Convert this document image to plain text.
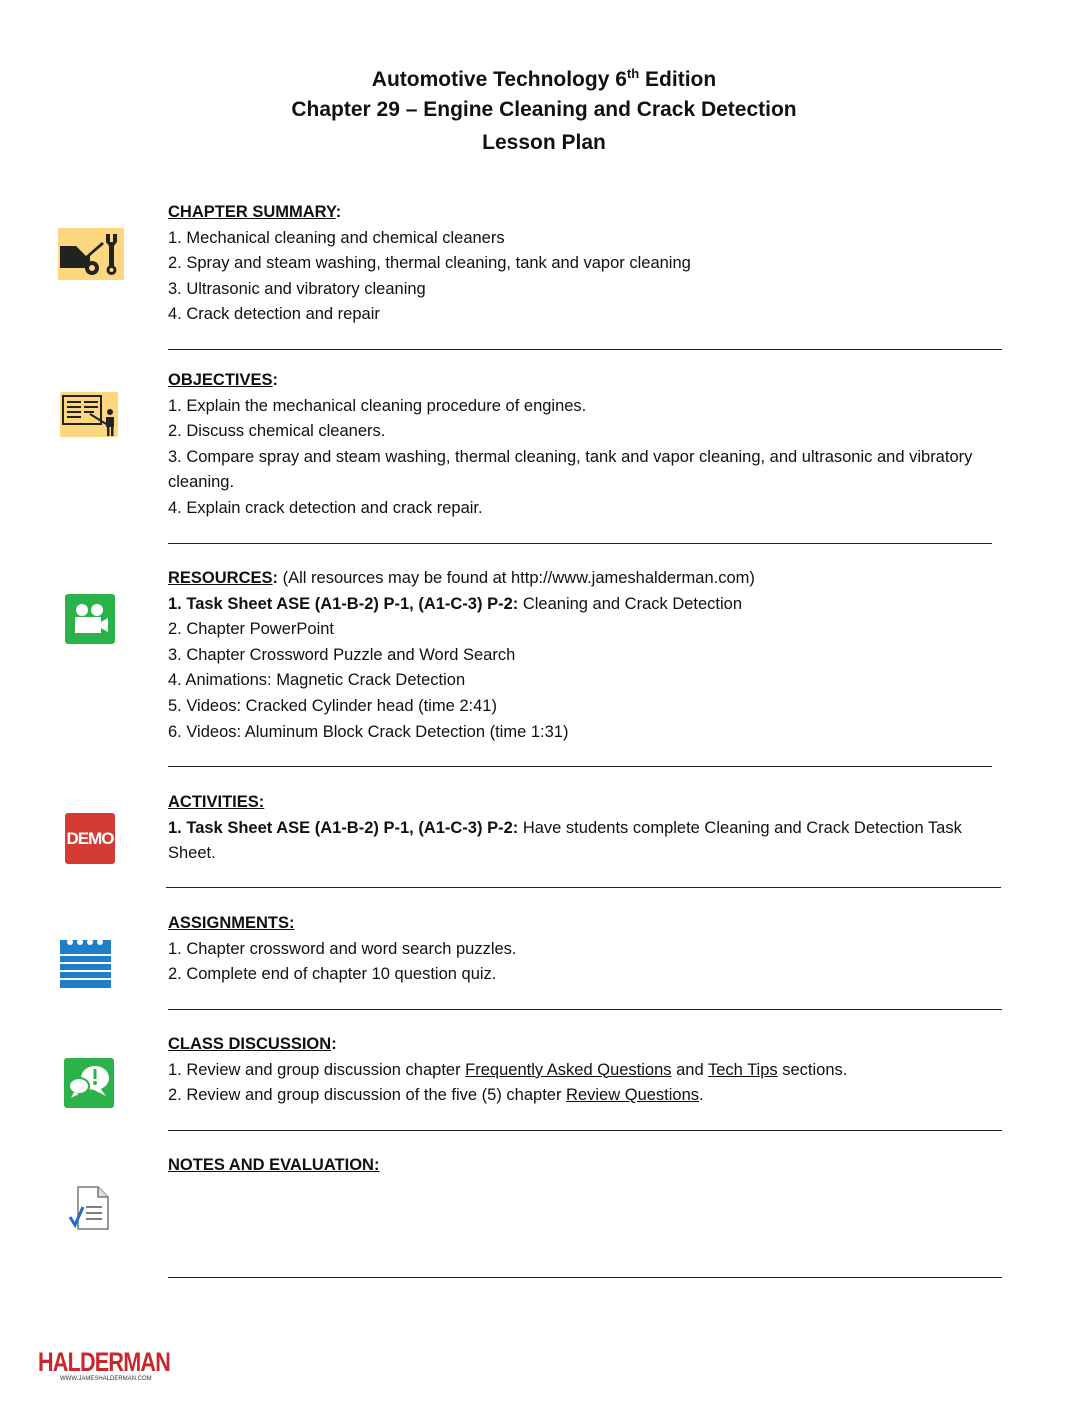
Automotive Technology 6th Edition
Chapter 29 – Engine Cleaning and Crack Detection
Lesson Plan
CHAPTER SUMMARY:
1. Mechanical cleaning and chemical cleaners
2. Spray and steam washing, thermal cleaning, tank and vapor cleaning
3. Ultrasonic and vibratory cleaning
4. Crack detection and repair
OBJECTIVES:
1. Explain the mechanical cleaning procedure of engines.
2. Discuss chemical cleaners.
3. Compare spray and steam washing, thermal cleaning, tank and vapor cleaning, and ultrasonic and vibratory cleaning.
4. Explain crack detection and crack repair.
RESOURCES: (All resources may be found at http://www.jameshalderman.com)
1. Task Sheet ASE (A1-B-2) P-1, (A1-C-3) P-2: Cleaning and Crack Detection
2. Chapter PowerPoint
3. Chapter Crossword Puzzle and Word Search
4. Animations: Magnetic Crack Detection
5. Videos: Cracked Cylinder head (time 2:41)
6. Videos: Aluminum Block Crack Detection (time 1:31)
DEMO
ACTIVITIES:
1. Task Sheet ASE (A1-B-2) P-1, (A1-C-3) P-2: Have students complete Cleaning and Crack Detection Task Sheet.
ASSIGNMENTS:
1. Chapter crossword and word search puzzles.
2. Complete end of chapter 10 question quiz.
CLASS DISCUSSION:
1. Review and group discussion chapter Frequently Asked Questions and Tech Tips sections.
2. Review and group discussion of the five (5) chapter Review Questions.
NOTES AND EVALUATION:
HALDERMAN
WWW.JAMESHALDERMAN.COM
